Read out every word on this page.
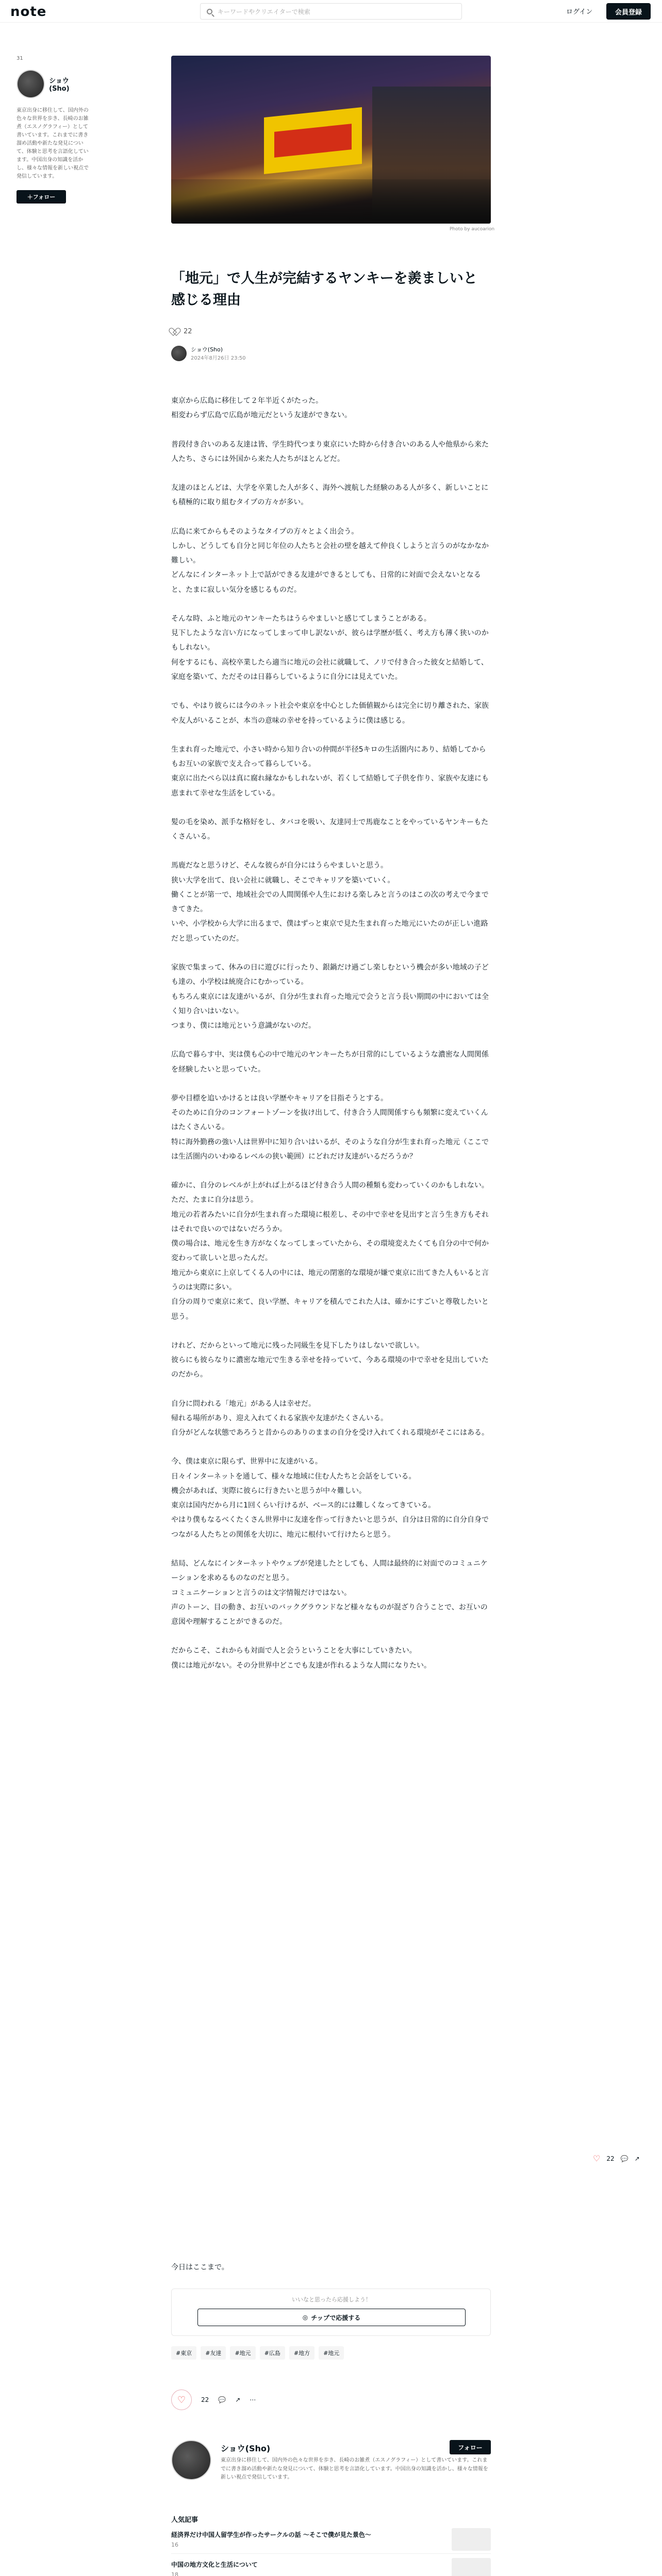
note	キーワードやクリエイターで検索	ログイン	会員登録
31
ショウ(Sho)
東京出身に移住して、国内外の色々な世界を歩き、長崎のお雑煮（エスノグラフィー）として書いています。これまでに書き溜め活動や新たな発見について、体験と思考を言語化しています。中国出身の知識を活かし、様々な情報を新しい視点で発信しています。
＋ フォロー
Photo by aucoarion
「地元」で人生が完結するヤンキーを羨ましいと感じる理由
22
ショウ(Sho)
2024年8月26日 23:50

東京から広島に移住して２年半近くがたった。
相変わらず広島で広島が地元だという友達ができない。

普段付き合いのある友達は皆、学生時代つまり東京にいた時から付き合いのある人や他県から来た人たち、さらには外国から来た人たちがほとんどだ。

友達のほとんどは、大学を卒業した人が多く、海外へ渡航した経験のある人が多く、新しいことにも積極的に取り組むタイプの方々が多い。

広島に来てからもそのようなタイプの方々とよく出会う。
しかし、どうしても自分と同じ年位の人たちと会社の壁を越えて仲良くしようと言うのがなかなか難しい。
どんなにインターネット上で話ができる友達ができるとしても、日常的に対面で会えないとなると、たまに寂しい気分を感じるものだ。

そんな時、ふと地元のヤンキーたちはうらやましいと感じてしまうことがある。
見下したような言い方になってしまって申し訳ないが、彼らは学歴が低く、考え方も薄く狭いのかもしれない。
何をするにも、高校卒業したら適当に地元の会社に就職して、ノリで付き合った彼女と結婚して、家庭を築いて、ただそのは日暮らしているように自分には見えていた。

でも、やはり彼らには今のネット社会や東京を中心とした価値観からは完全に切り離された、家族や友人がいることが、本当の意味の幸せを持っているように僕は感じる。

生まれ育った地元で、小さい時から知り合いの仲間が半径5キロの生活圏内にあり、結婚してからもお互いの家族で支え合って暮らしている。
東京に出たぺら以は真に腐れ縁なかもしれないが、若くして結婚して子供を作り、家族や友達にも恵まれて幸せな生活をしている。

髪の毛を染め、派手な格好をし、タバコを吸い、友達同士で馬鹿なことをやっているヤンキーもたくさんいる。

馬鹿だなと思うけど、そんな彼らが自分にはうらやましいと思う。
狭い大学を出て、良い会社に就職し、そこでキャリアを築いていく。
働くことが第一で、地域社会での人間関係や人生における楽しみと言うのはこの次の考えで今まできてきた。
いや、小学校から大学に出るまで、僕はずっと東京で見た生まれ育った地元にいたのが正しい進路だと思っていたのだ。

家族で集まって、休みの日に遊びに行ったり、銀鍋だけ過ごし楽しむという機会が多い地域の子ども達の、小学校は統廃合にむかっている。
もちろん東京には友達がいるが、自分が生まれ育った地元で会うと言う長い期間の中においては全く知り合いはいない。
つまり、僕には地元という意識がないのだ。

広島で暮らす中、実は僕も心の中で地元のヤンキーたちが日常的にしているような濃密な人間関係を経験したいと思っていた。

夢や目標を追いかけるとは良い学歴やキャリアを目指そうとする。
そのために自分のコンフォートゾーンを抜け出して、付き合う人間関係すらも頻繁に変えていくんはたくさんいる。
特に海外勤務の強い人は世界中に知り合いはいるが、そのような自分が生まれ育った地元（ここでは生活圏内のいわゆるレベルの狭い範囲）にどれだけ友達がいるだろうか？

確かに、自分のレベルが上がれば上がるほど付き合う人間の種類も変わっていくのかもしれない。
ただ、たまに自分は思う。
地元の若者みたいに自分が生まれ育った環境に根差し、その中で幸せを見出すと言う生き方もそれはそれで良いのではないだろうか。
僕の場合は、地元を生き方がなくなってしまっていたから、その環境変えたくても自分の中で何か変わって欲しいと思ったんだ。
地元から東京に上京してくる人の中には、地元の閉塞的な環境が嫌で東京に出てきた人もいると言うのは実際に多い。
自分の周りで東京に来て、良い学歴、キャリアを積んでこれた人は、確かにすごいと尊敬したいと思う。

けれど、だからといって地元に残った同級生を見下したりはしないで欲しい。
彼らにも彼らなりに濃密な地元で生きる幸せを持っていて、今ある環境の中で幸せを見出していたのだから。

自分に問われる「地元」がある人は幸せだ。
帰れる場所があり、迎え入れてくれる家族や友達がたくさんいる。
自分がどんな状態であろうと昔からのありのままの自分を受け入れてくれる環境がそこにはある。

今、僕は東京に限らず、世界中に友達がいる。
日々インターネットを通して、様々な地域に住む人たちと会話をしている。
機会があれば、実際に彼らに行きたいと思うが中々難しい。
東京は国内だから月に1回くらい行けるが、ベース的には難しくなってきている。
やはり僕もなるべくたくさん世界中に友達を作って行きたいと思うが、自分は日常的に自分自身でつながる人たちとの関係を大切に、地元に根付いて行けたらと思う。

結局、どんなにインターネットやウェブが発達したとしても、人間は最終的に対面でのコミュニケーションを求めるものなのだと思う。
コミュニケーションと言うのは文字情報だけではない。
声のトーン、目の動き、お互いのバックグラウンドなど様々なものが混ざり合うことで、お互いの意図や理解することができるのだ。

だからこそ、これからも対面で人と会うということを大事にしていきたい。
僕には地元がない。その分世界中どこでも友達が作れるような人間になりたい。

今日はここまで。
いいなと思ったら応援しよう！
◎ チップで応援する
#東京	#友達	#地元	#広島	#地方	#地元
♡ 22 💬 ↗ ⋯
ショウ(Sho)	フォロー
東京出身に移住して、国内外の色々な世界を歩き、長崎のお雑煮（エスノグラフィー）として書いています。これまでに書き溜め活動や新たな発見について、体験と思考を言語化しています。中国出身の知識を活かし、様々な情報を新しい視点で発信しています。
人気記事
経済界だけ中国人留学生が作ったサークルの話 〜そこで僕が見た景色〜
16
中国の地方文化と生活について
18
♡ 22 💬 ↗
